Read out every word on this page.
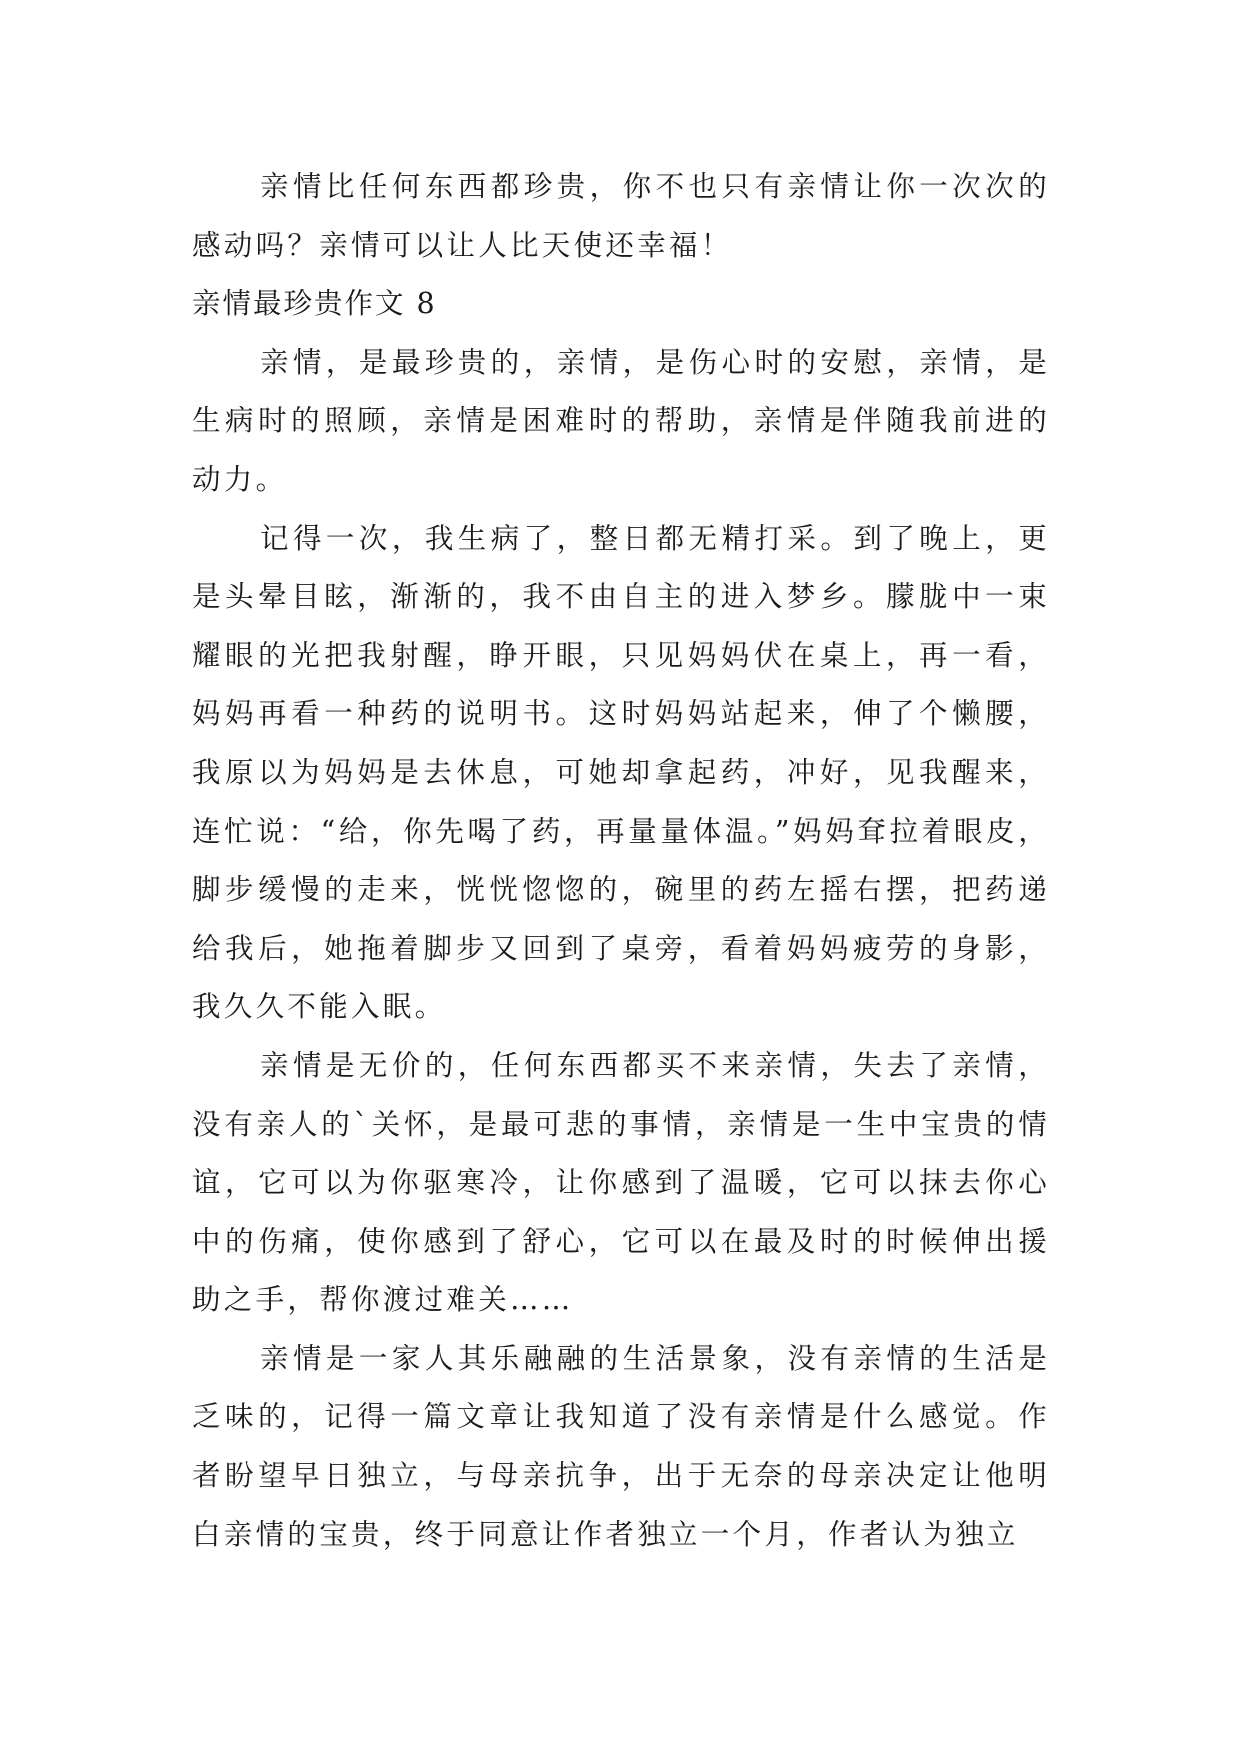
亲情比任何东西都珍贵，你不也只有亲情让你一次次的感动吗？亲情可以让人比天使还幸福！

亲情最珍贵作文 8

亲情，是最珍贵的，亲情，是伤心时的安慰，亲情，是生病时的照顾，亲情是困难时的帮助，亲情是伴随我前进的动力。

记得一次，我生病了，整日都无精打采。到了晚上，更是头晕目眩，渐渐的，我不由自主的进入梦乡。朦胧中一束耀眼的光把我射醒，睁开眼，只见妈妈伏在桌上，再一看，妈妈再看一种药的说明书。这时妈妈站起来，伸了个懒腰，我原以为妈妈是去休息，可她却拿起药，冲好，见我醒来，连忙说：“给，你先喝了药，再量量体温。”妈妈耷拉着眼皮，脚步缓慢的走来，恍恍惚惚的，碗里的药左摇右摆，把药递给我后，她拖着脚步又回到了桌旁，看着妈妈疲劳的身影，我久久不能入眠。

亲情是无价的，任何东西都买不来亲情，失去了亲情，没有亲人的`关怀，是最可悲的事情，亲情是一生中宝贵的情谊，它可以为你驱寒冷，让你感到了温暖，它可以抹去你心中的伤痛，使你感到了舒心，它可以在最及时的时候伸出援助之手，帮你渡过难关……

亲情是一家人其乐融融的生活景象，没有亲情的生活是乏味的，记得一篇文章让我知道了没有亲情是什么感觉。作者盼望早日独立，与母亲抗争，出于无奈的母亲决定让他明白亲情的宝贵，终于同意让作者独立一个月，作者认为独立
